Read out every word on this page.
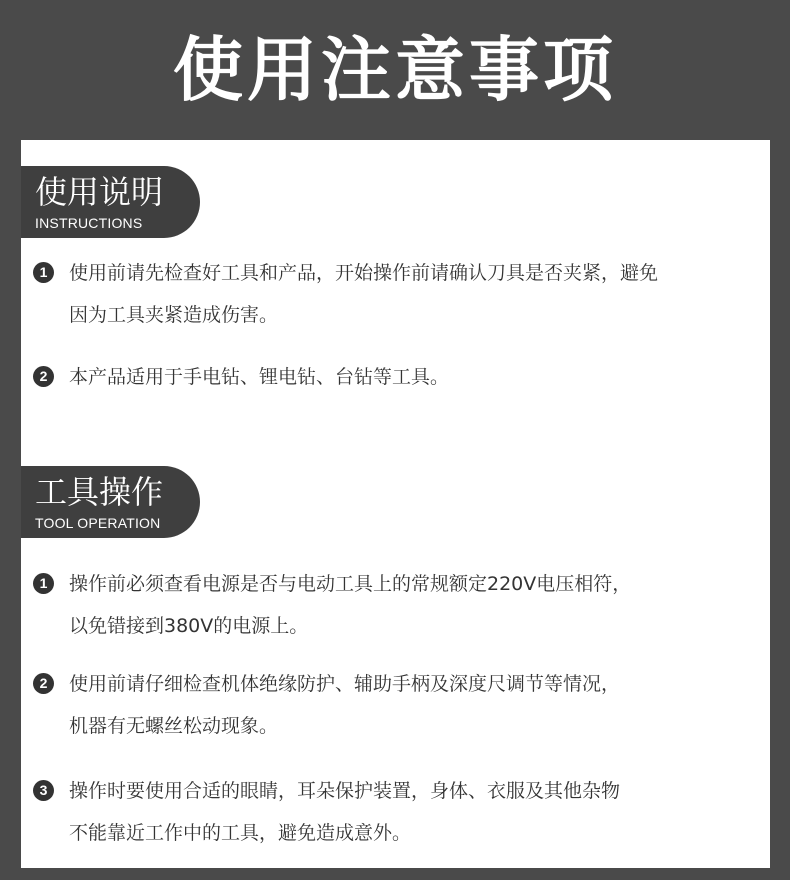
使用注意事项
使用说明
INSTRUCTIONS
1	使用前请先检查好工具和产品，开始操作前请确认刀具是否夹紧，避免
因为工具夹紧造成伤害。
2	本产品适用于手电钻、锂电钻、台钻等工具。
工具操作
TOOL OPERATION
1	操作前必须查看电源是否与电动工具上的常规额定220V电压相符，
以免错接到380V的电源上。
2	使用前请仔细检查机体绝缘防护、辅助手柄及深度尺调节等情况，
机器有无螺丝松动现象。
3	操作时要使用合适的眼睛，耳朵保护装置，身体、衣服及其他杂物
不能靠近工作中的工具，避免造成意外。
